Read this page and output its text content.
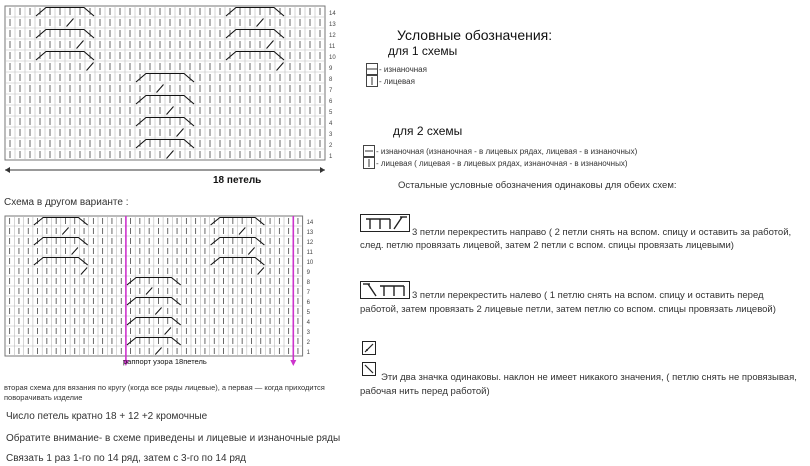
14
13
12
11
10
9
8
7
6
5
4
3
2
1
18 петель
Схема в другом варианте :
14
13
12
11
10
9
8
7
6
5
4
3
2
1
раппорт узора 18петель
вторая схема для вязания по кругу (когда все ряды лицевые), а первая — когда приходится поворачивать изделие
Число петель кратно 18 + 12 +2 кромочные
Обратите внимание- в схеме приведены и лицевые и изнаночные ряды
Связать 1 раз 1-го по 14 ряд, затем с 3-го по 14 ряд
Условные обозначения:
для 1 схемы
- изнаночная
- лицевая
для 2 схемы
- изнаночная (изнаночная - в лицевых рядах, лицевая - в изнаночных)
- лицевая ( лицевая - в лицевых рядах, изнаночная - в изнаночных)
Остальные условные обозначения одинаковы для обеих схем:
3 петли перекрестить направо ( 2 петли снять на вспом. спицу и оставить за работой,
след. петлю провязать лицевой, затем 2 петли с вспом. спицы провязать лицевыми)
3 петли перекрестить налево ( 1 петлю снять на вспом. спицу и оставить перед
работой, затем провязать 2 лицевые петли, затем петлю со вспом. спицы провязать лицевой)
Эти два значка одинаковы. наклон не имеет никакого значения, ( петлю снять не провязывая,
рабочая нить перед работой)
